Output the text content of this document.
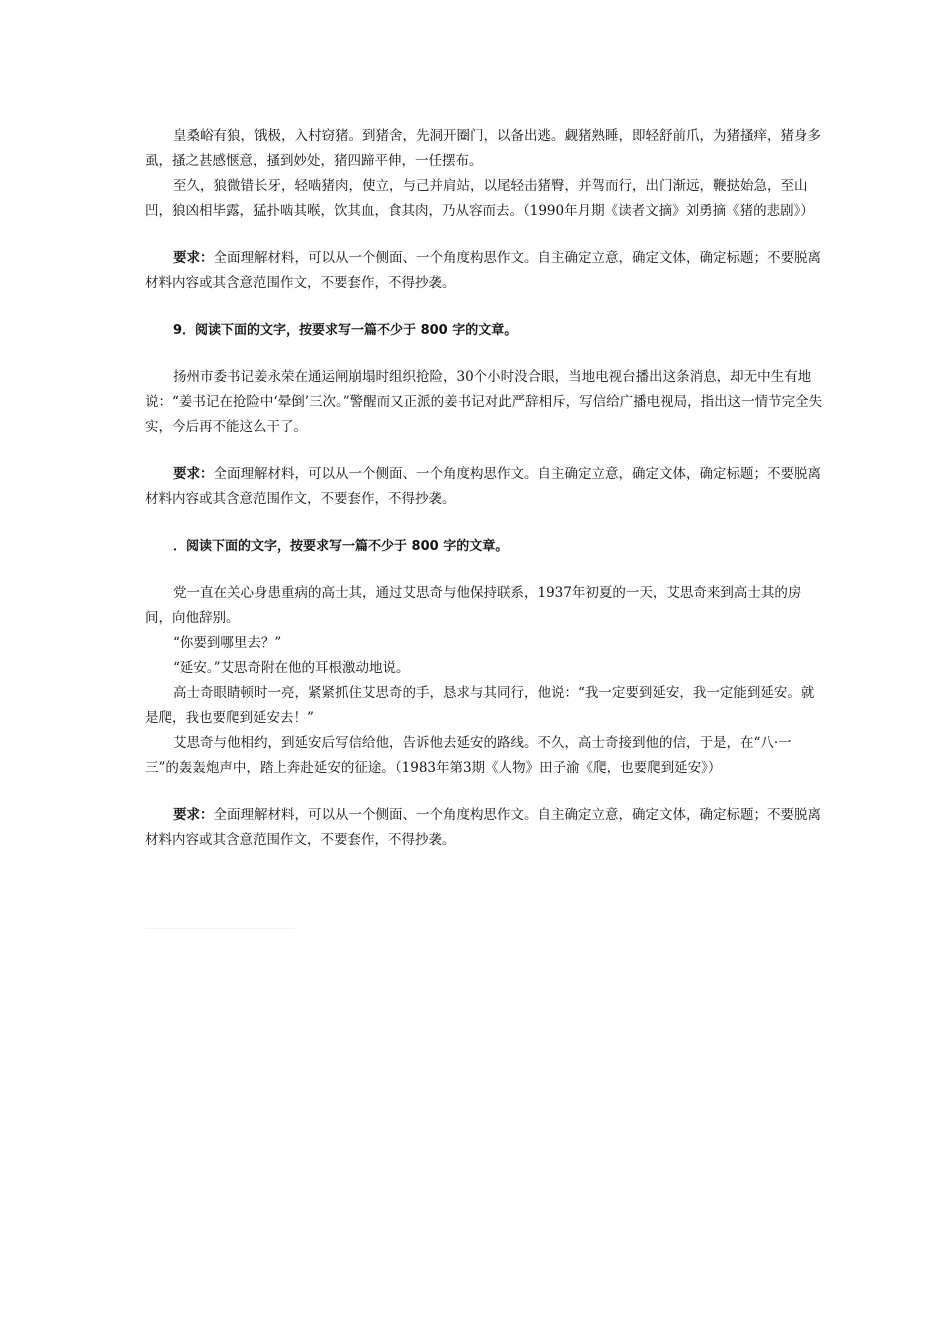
皇桑峪有狼，饿极，入村窃猪。到猪舍，先洞开圈门，以备出逃。觑猪熟睡，即轻舒前爪，为猪搔痒，猪身多虱，搔之甚感惬意，搔到妙处，猪四蹄平伸，一任摆布。

至久，狼微错长牙，轻啮猪肉，使立，与己并肩站，以尾轻击猪臀，并驾而行，出门渐远，鞭挞始急，至山凹，狼凶相毕露，猛扑啮其喉，饮其血，食其肉，乃从容而去。（1990年月期《读者文摘》刘勇摘《猪的悲剧》）

要求：全面理解材料，可以从一个侧面、一个角度构思作文。自主确定立意，确定文体，确定标题；不要脱离材料内容或其含意范围作文，不要套作，不得抄袭。

9．阅读下面的文字，按要求写一篇不少于 800 字的文章。

扬州市委书记姜永荣在通运闸崩塌时组织抢险，30个小时没合眼，当地电视台播出这条消息，却无中生有地说：“姜书记在抢险中‘晕倒’三次。”警醒而又正派的姜书记对此严辞相斥，写信给广播电视局，指出这一情节完全失实，今后再不能这么干了。

要求：全面理解材料，可以从一个侧面、一个角度构思作文。自主确定立意，确定文体，确定标题；不要脱离材料内容或其含意范围作文，不要套作，不得抄袭。

．阅读下面的文字，按要求写一篇不少于 800 字的文章。

党一直在关心身患重病的高士其，通过艾思奇与他保持联系，1937年初夏的一天，艾思奇来到高士其的房间，向他辞别。

“你要到哪里去？”

“延安。”艾思奇附在他的耳根激动地说。

高士奇眼睛顿时一亮，紧紧抓住艾思奇的手，恳求与其同行，他说：“我一定要到延安，我一定能到延安。就是爬，我也要爬到延安去！”

艾思奇与他相约，到延安后写信给他，告诉他去延安的路线。不久，高士奇接到他的信，于是，在“八·一三”的轰轰炮声中，踏上奔赴延安的征途。（1983年第3期《人物》田子渝《爬，也要爬到延安》）

要求：全面理解材料，可以从一个侧面、一个角度构思作文。自主确定立意，确定文体，确定标题；不要脱离材料内容或其含意范围作文，不要套作，不得抄袭。
